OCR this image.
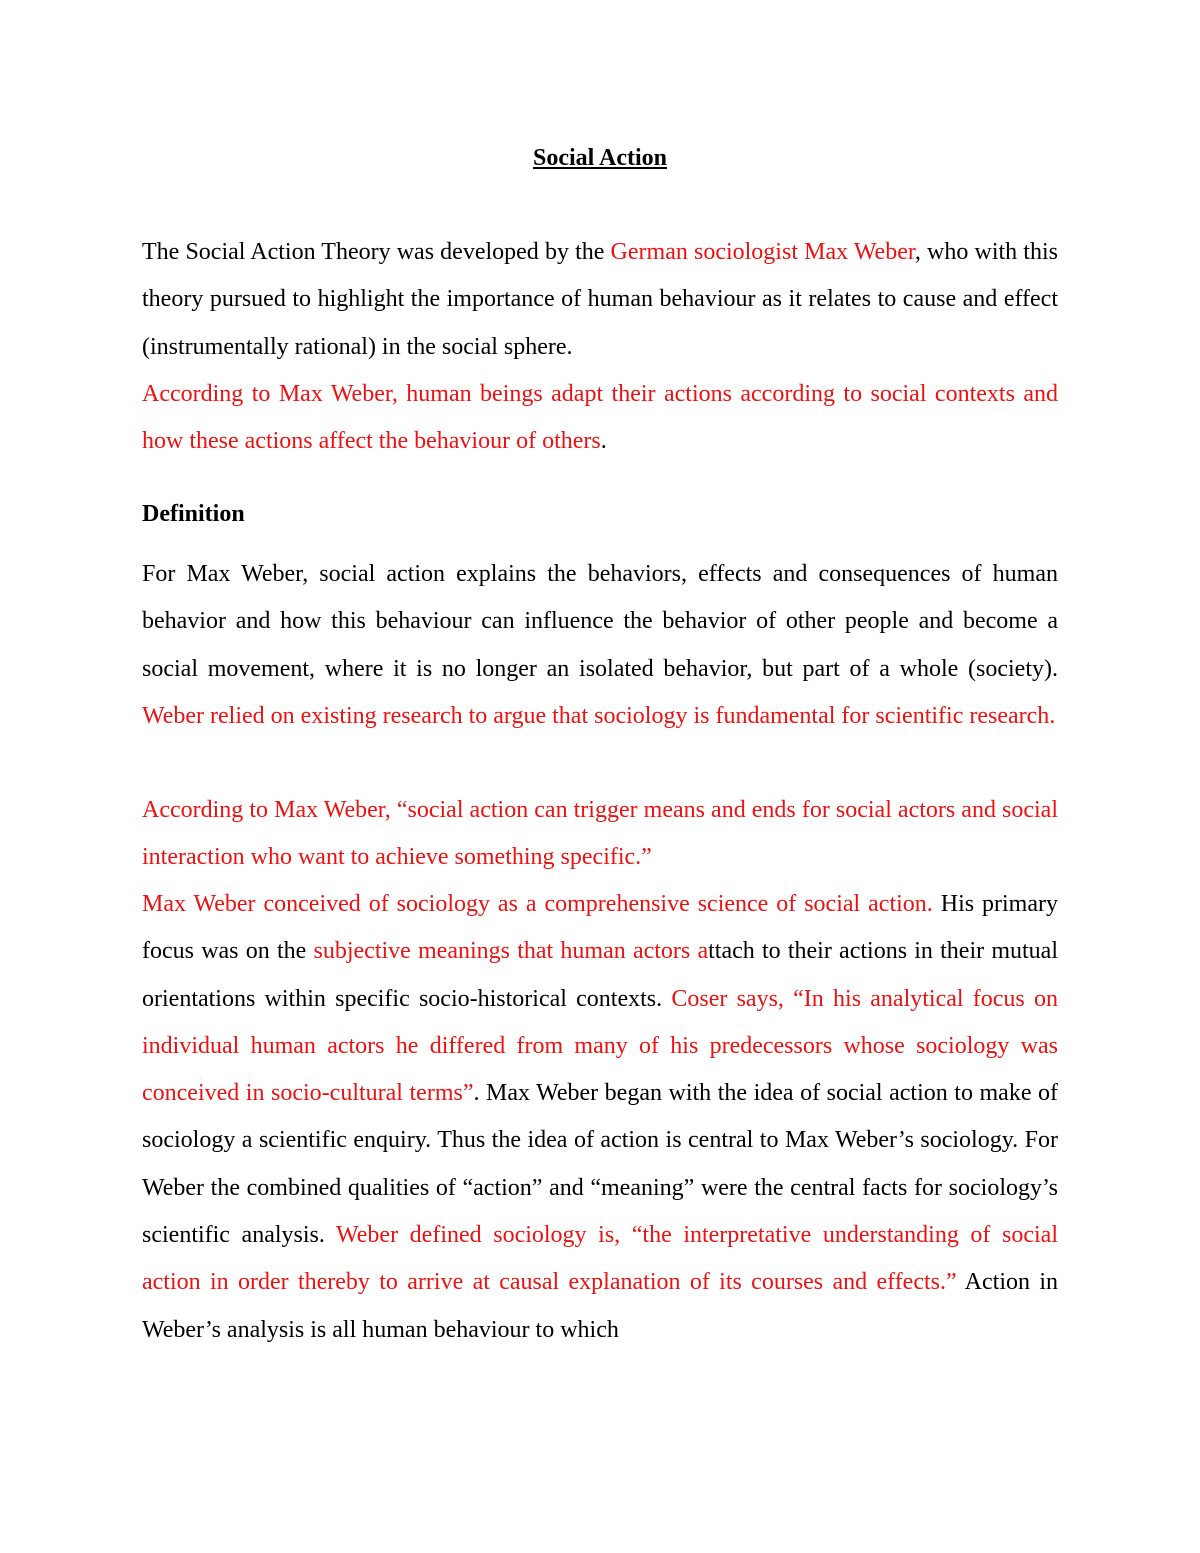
Social Action

The Social Action Theory was developed by the German sociologist Max Weber, who with this theory pursued to highlight the importance of human behaviour as it relates to cause and effect (instrumentally rational) in the social sphere.

According to Max Weber, human beings adapt their actions according to social contexts and how these actions affect the behaviour of others.

Definition

For Max Weber, social action explains the behaviors, effects and consequences of human behavior and how this behaviour can influence the behavior of other people and become a social movement, where it is no longer an isolated behavior, but part of a whole (society). Weber relied on existing research to argue that sociology is fundamental for scientific research.

According to Max Weber, “social action can trigger means and ends for social actors and social interaction who want to achieve something specific.”

Max Weber conceived of sociology as a comprehensive science of social action. His primary focus was on the subjective meanings that human actors attach to their actions in their mutual orientations within specific socio-historical contexts. Coser says, “In his analytical focus on individual human actors he differed from many of his predecessors whose sociology was conceived in socio-cultural terms”. Max Weber began with the idea of social action to make of sociology a scientific enquiry. Thus the idea of action is central to Max Weber’s sociology. For Weber the combined qualities of “action” and “meaning” were the central facts for sociology’s scientific analysis. Weber defined sociology is, “the interpretative understanding of social action in order thereby to arrive at causal explanation of its courses and effects.” Action in Weber’s analysis is all human behaviour to which
